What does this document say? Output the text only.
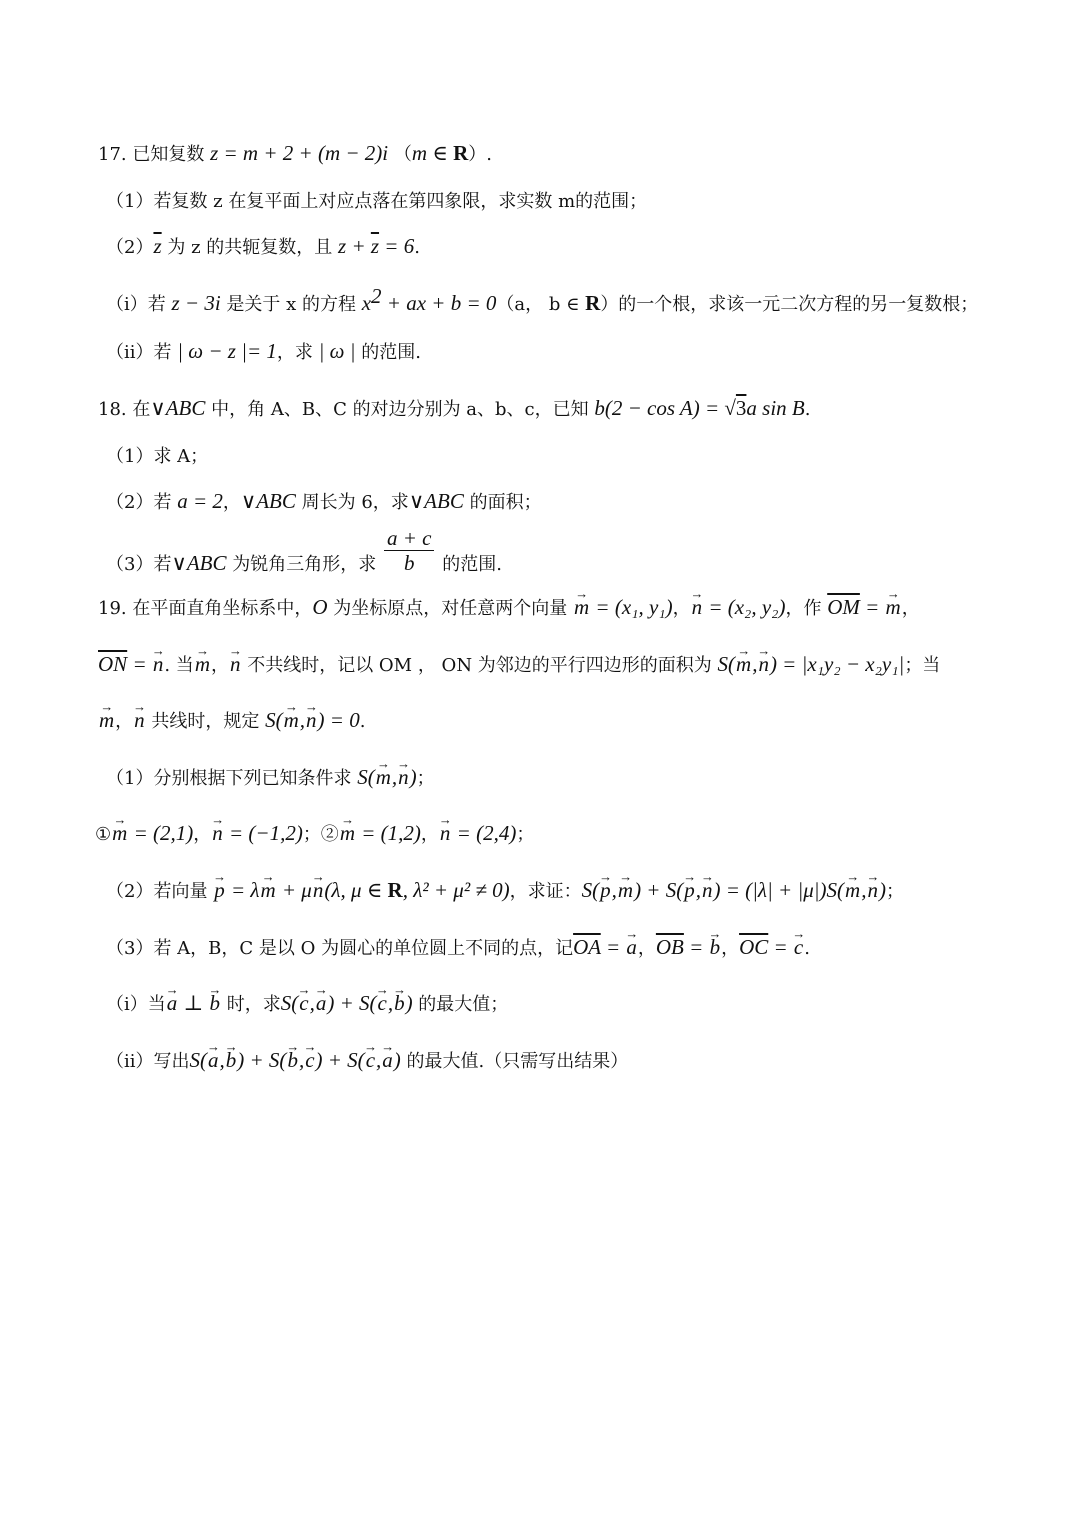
17. 已知复数 z = m + 2 + (m − 2)i （m ∈ R）.
（1）若复数 z 在复平面上对应点落在第四象限，求实数 m的范围；
$(2)\overline{z}$ 为 z 的共轭复数，且 $z + \overline{z} = 6$.
（i）若 z − 3i 是关于 x 的方程 $x^2$ + ax + b = 0（a， b ∈ R）的一个根，求该一元二次方程的另一复数根；
（ii）若 | ω − z |= 1，求 | ω | 的范围.
18. 在∨ABC 中，角 A、B、C 的对边分别为 a、b、c，已知 b(2 − cos A) = √3a sin B.
（1）求 A；
（2）若 a = 2，∨ABC 周长为 6，求∨ABC 的面积；
（3）若∨ABC 为锐角三角形，求 $\frac{a + c}{b}$ 的范围.
19. 在平面直角坐标系中，O 为坐标原点，对任意两个向量 → m = (x₁, y₁)，→ n = (x₂, y₂)，作 $\overline{OM}$ = → m，
$\overline{ON}$ = → n. 当→ m，→ n 不共线时，记以 OM ， ON 为邻边的平行四边形的面积为 S(→ m,→ n) = |x₁y₂ − x₂y₁|；当
→ m，→ n 共线时，规定 S(→ m,→ n) = 0.
（1）分别根据下列已知条件求 S(→ m,→ n)；
①→ m = (2,1)，→ n = (−1,2)；②→ m = (1,2)，→ n = (2,4)；
（2）若向量 → p = λ→ m + μ→ n(λ, μ ∈ R, λ² + μ² ≠ 0)，求证：S(→ p,→ m) + S(→ p,→ n) = (|λ| + |μ|)S(→ m,→ n)；
（3）若 A，B，C 是以 O 为圆心的单位圆上不同的点，记$\overline{OA}$ = → a，$\overline{OB}$ = → b，$\overline{OC}$ = → c.
（i）当→ a ⊥ → b 时，求S(→ c,→ a) + S(→ c,→ b) 的最大值；
（ii）写出S(→ a,→ b) + S(→ b,→ c) + S(→ c,→ a) 的最大值.（只需写出结果）
